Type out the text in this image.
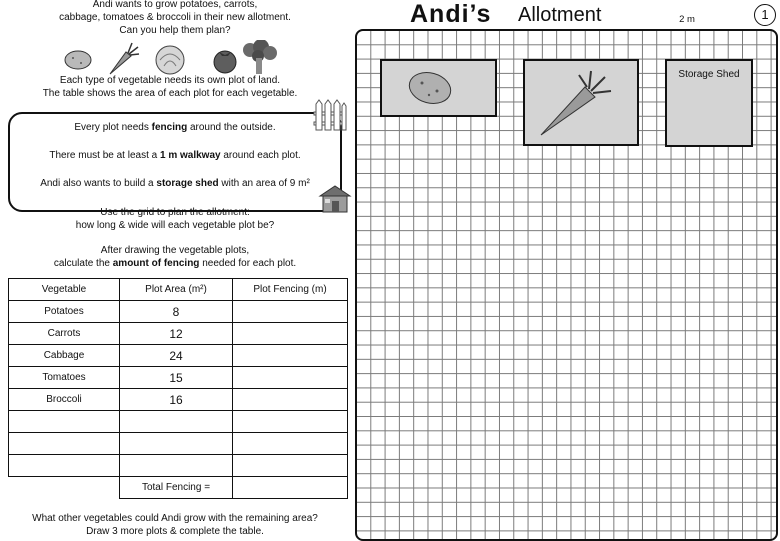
Andi wants to grow potatoes, carrots,
cabbage, tomatoes & broccoli in their new allotment.
Can you help them plan?
Each type of vegetable needs its own plot of land.
The table shows the area of each plot for each vegetable.
Every plot needs fencing around the outside.
There must be at least a 1 m walkway around each plot.
Andi also wants to build a storage shed with an area of 9 m²
Use the grid to plan the allotment:
how long & wide will each vegetable plot be?
After drawing the vegetable plots,
calculate the amount of fencing needed for each plot.
Vegetable	Plot Area (m²)	Plot Fencing (m)
Potatoes	8	
Carrots	12	
Cabbage	24	
Tomatoes	15	
Broccoli	16	

	Total Fencing =	
What other vegetables could Andi grow with the remaining area?
Draw 3 more plots & complete the table.
Andi’s Allotment	2 m	1
Storage Shed
